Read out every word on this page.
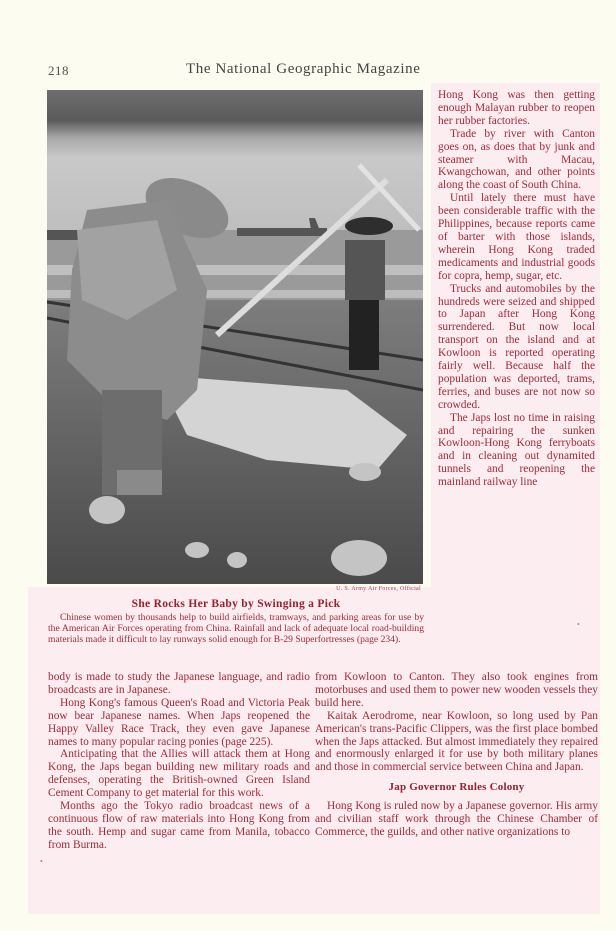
218	The National Geographic Magazine
U. S. Army Air Forces, Official
She Rocks Her Baby by Swinging a Pick
Chinese women by thousands help to build airfields, tramways, and parking areas for use by the American Air Forces operating from China. Rainfall and lack of adequate local road-building materials made it difficult to lay runways solid enough for B-29 Superfortresses (page 234).

Hong Kong was then getting enough Malayan rubber to reopen her rubber factories.

Trade by river with Canton goes on, as does that by junk and steamer with Macau, Kwangchowan, and other points along the coast of South China.

Until lately there must have been considerable traffic with the Philippines, because reports came of barter with those islands, wherein Hong Kong traded medicaments and industrial goods for copra, hemp, sugar, etc.

Trucks and automobiles by the hundreds were seized and shipped to Japan after Hong Kong surrendered. But now local transport on the island and at Kowloon is reported operating fairly well. Because half the population was deported, trams, ferries, and buses are not now so crowded.

The Japs lost no time in raising and repairing the sunken Kowloon-Hong Kong ferryboats and in cleaning out dynamited tunnels and reopening the mainland railway line

body is made to study the Japanese language, and radio broadcasts are in Japanese.

Hong Kong's famous Queen's Road and Victoria Peak now bear Japanese names. When Japs reopened the Happy Valley Race Track, they even gave Japanese names to many popular racing ponies (page 225).

Anticipating that the Allies will attack them at Hong Kong, the Japs began building new military roads and defenses, operating the British-owned Green Island Cement Company to get material for this work.

Months ago the Tokyo radio broadcast news of a continuous flow of raw materials into Hong Kong from the south. Hemp and sugar came from Manila, tobacco from Burma.

from Kowloon to Canton. They also took engines from motorbuses and used them to power new wooden vessels they build here.

Kaitak Aerodrome, near Kowloon, so long used by Pan American's trans-Pacific Clippers, was the first place bombed when the Japs attacked. But almost immediately they repaired and enormously enlarged it for use by both military planes and those in commercial service between China and Japan.

Jap Governor Rules Colony

Hong Kong is ruled now by a Japanese governor. His army and civilian staff work through the Chinese Chamber of Commerce, the guilds, and other native organizations to

•
•
